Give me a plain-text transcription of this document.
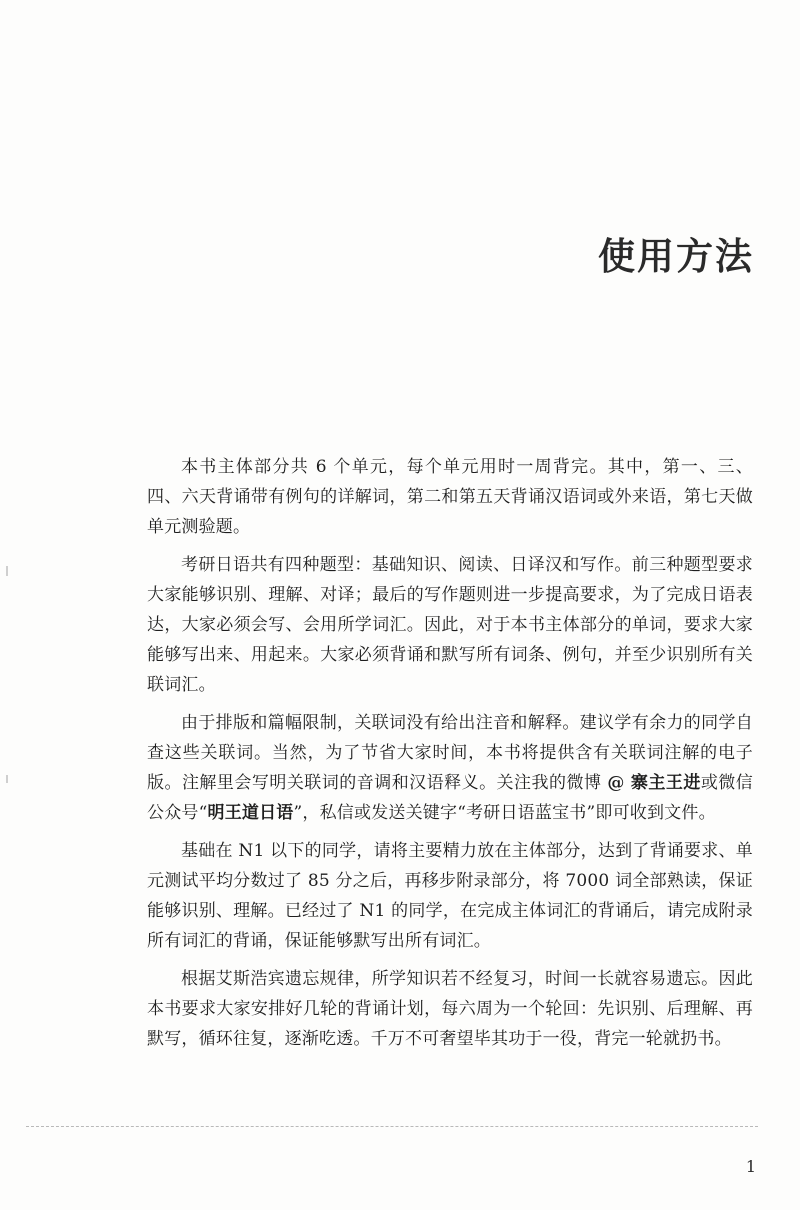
使用方法

本书主体部分共 6 个单元，每个单元用时一周背完。其中，第一、三、四、六天背诵带有例句的详解词，第二和第五天背诵汉语词或外来语，第七天做单元测验题。

考研日语共有四种题型：基础知识、阅读、日译汉和写作。前三种题型要求大家能够识别、理解、对译；最后的写作题则进一步提高要求，为了完成日语表达，大家必须会写、会用所学词汇。因此，对于本书主体部分的单词，要求大家能够写出来、用起来。大家必须背诵和默写所有词条、例句，并至少识别所有关联词汇。

由于排版和篇幅限制，关联词没有给出注音和解释。建议学有余力的同学自查这些关联词。当然，为了节省大家时间，本书将提供含有关联词注解的电子版。注解里会写明关联词的音调和汉语释义。关注我的微博 @ 寨主王进或微信公众号“明王道日语”，私信或发送关键字“考研日语蓝宝书”即可收到文件。

基础在 N1 以下的同学，请将主要精力放在主体部分，达到了背诵要求、单元测试平均分数过了 85 分之后，再移步附录部分，将 7000 词全部熟读，保证能够识别、理解。已经过了 N1 的同学，在完成主体词汇的背诵后，请完成附录所有词汇的背诵，保证能够默写出所有词汇。

根据艾斯浩宾遗忘规律，所学知识若不经复习，时间一长就容易遗忘。因此本书要求大家安排好几轮的背诵计划，每六周为一个轮回：先识别、后理解、再默写，循环往复，逐渐吃透。千万不可奢望毕其功于一役，背完一轮就扔书。

1
